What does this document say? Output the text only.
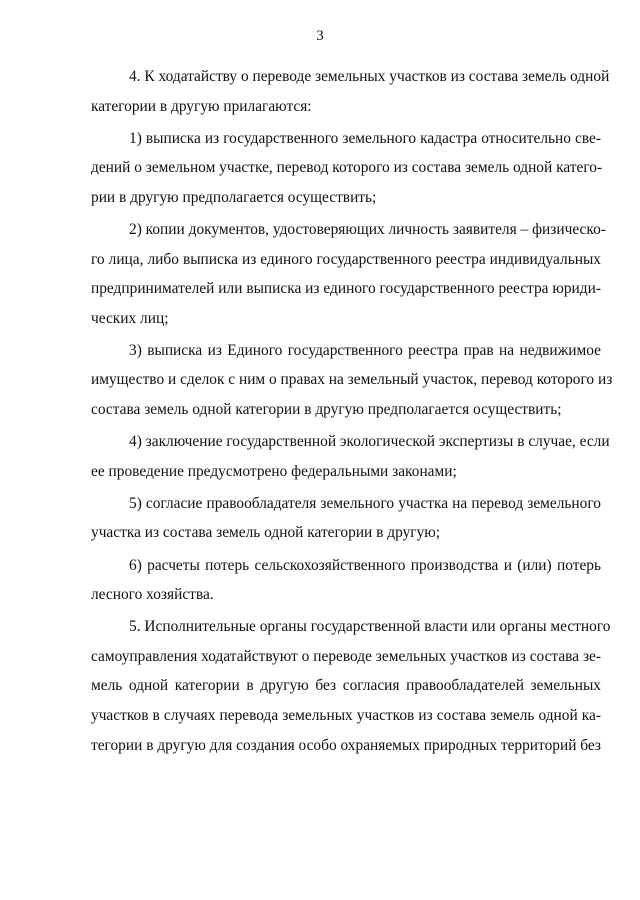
3

4. К ходатайству о переводе земельных участков из состава земель одной
категории в другую прилагаются:

1) выписка из государственного земельного кадастра относительно све-
дений о земельном участке, перевод которого из состава земель одной катего-
рии в другую предполагается осуществить;

2) копии документов, удостоверяющих личность заявителя – физическо-
го лица, либо выписка из единого государственного реестра индивидуальных
предпринимателей или выписка из единого государственного реестра юриди-
ческих лиц;

3) выписка из Единого государственного реестра прав на недвижимое
имущество и сделок с ним о правах на земельный участок, перевод которого из
состава земель одной категории в другую предполагается осуществить;

4) заключение государственной экологической экспертизы в случае, если
ее проведение предусмотрено федеральными законами;

5) согласие правообладателя земельного участка на перевод земельного
участка из состава земель одной категории в другую;

6) расчеты потерь сельскохозяйственного производства и (или) потерь
лесного хозяйства.

5. Исполнительные органы государственной власти или органы местного
самоуправления ходатайствуют о переводе земельных участков из состава зе-
мель одной категории в другую без согласия правообладателей земельных
участков в случаях перевода земельных участков из состава земель одной ка-
тегории в другую для создания особо охраняемых природных территорий без
